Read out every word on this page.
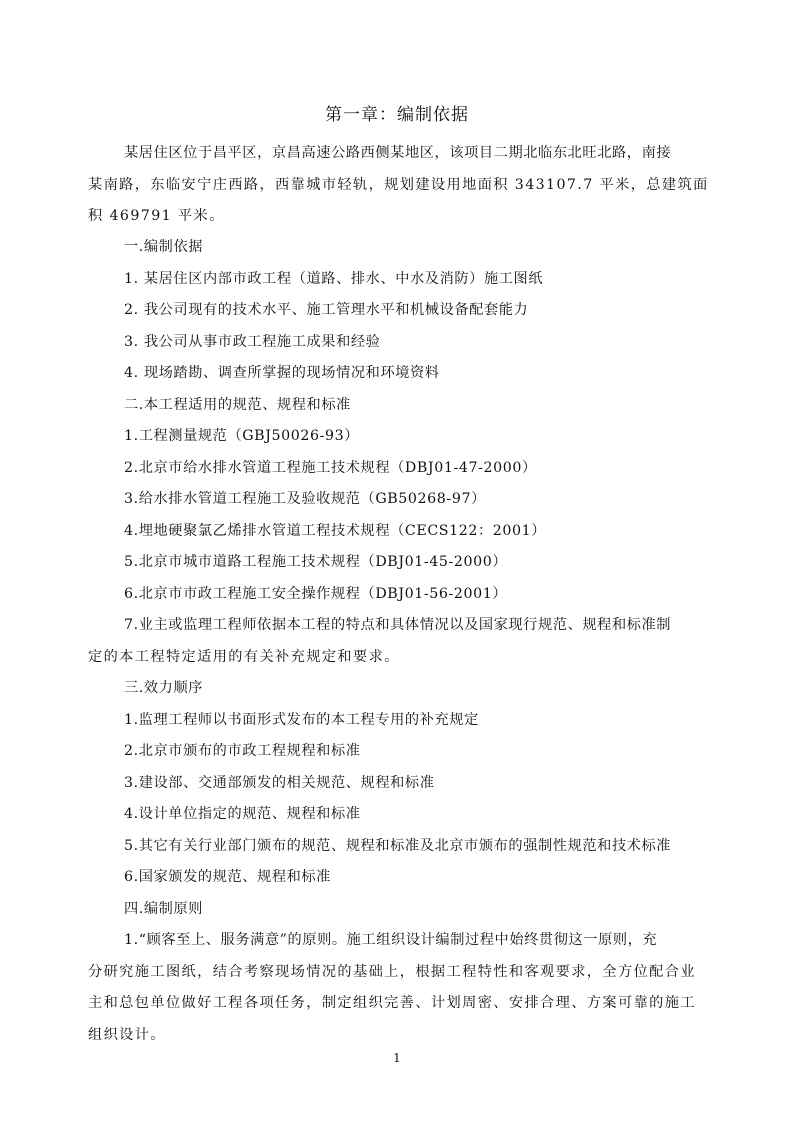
第一章：编制依据
某居住区位于昌平区，京昌高速公路西侧某地区，该项目二期北临东北旺北路，南接
某南路，东临安宁庄西路，西靠城市轻轨，规划建设用地面积 343107.7 平米，总建筑面
积 469791 平米。
一.编制依据
1. 某居住区内部市政工程（道路、排水、中水及消防）施工图纸
2. 我公司现有的技术水平、施工管理水平和机械设备配套能力
3. 我公司从事市政工程施工成果和经验
4. 现场踏勘、调查所掌握的现场情况和环境资料
二.本工程适用的规范、规程和标准
1.工程测量规范（GBJ50026-93）
2.北京市给水排水管道工程施工技术规程（DBJ01-47-2000）
3.给水排水管道工程施工及验收规范（GB50268-97）
4.埋地硬聚氯乙烯排水管道工程技术规程（CECS122：2001）
5.北京市城市道路工程施工技术规程（DBJ01-45-2000）
6.北京市市政工程施工安全操作规程（DBJ01-56-2001）
7.业主或监理工程师依据本工程的特点和具体情况以及国家现行规范、规程和标准制
定的本工程特定适用的有关补充规定和要求。
三.效力顺序
1.监理工程师以书面形式发布的本工程专用的补充规定
2.北京市颁布的市政工程规程和标准
3.建设部、交通部颁发的相关规范、规程和标准
4.设计单位指定的规范、规程和标准
5.其它有关行业部门颁布的规范、规程和标准及北京市颁布的强制性规范和技术标准
6.国家颁发的规范、规程和标准
四.编制原则
1.“顾客至上、服务满意”的原则。施工组织设计编制过程中始终贯彻这一原则，充
分研究施工图纸，结合考察现场情况的基础上，根据工程特性和客观要求，全方位配合业
主和总包单位做好工程各项任务，制定组织完善、计划周密、安排合理、方案可靠的施工
组织设计。
1
